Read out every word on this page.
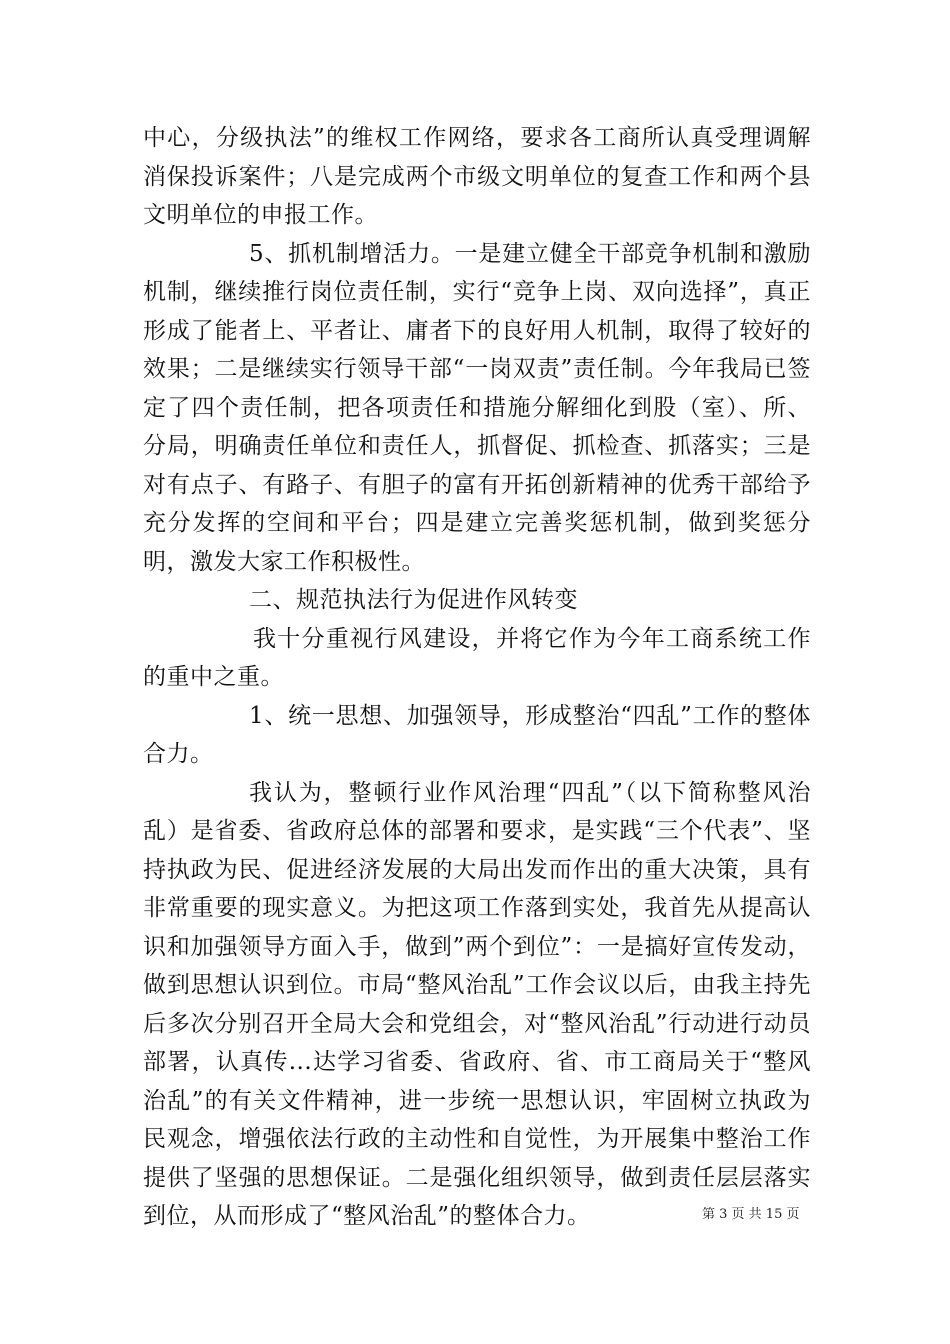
中心，分级执法”的维权工作网络，要求各工商所认真受理调解消保投诉案件；八是完成两个市级文明单位的复查工作和两个县文明单位的申报工作。

5、抓机制增活力。一是建立健全干部竞争机制和激励机制，继续推行岗位责任制，实行“竞争上岗、双向选择”，真正形成了能者上、平者让、庸者下的良好用人机制，取得了较好的效果；二是继续实行领导干部“一岗双责”责任制。今年我局已签定了四个责任制，把各项责任和措施分解细化到股（室）、所、分局，明确责任单位和责任人，抓督促、抓检查、抓落实；三是对有点子、有路子、有胆子的富有开拓创新精神的优秀干部给予充分发挥的空间和平台；四是建立完善奖惩机制，做到奖惩分明，激发大家工作积极性。

二、规范执法行为促进作风转变

我十分重视行风建设，并将它作为今年工商系统工作的重中之重。

1、统一思想、加强领导，形成整治“四乱”工作的整体合力。

我认为，整顿行业作风治理“四乱”（以下简称整风治乱）是省委、省政府总体的部署和要求，是实践“三个代表”、坚持执政为民、促进经济发展的大局出发而作出的重大决策，具有非常重要的现实意义。为把这项工作落到实处，我首先从提高认识和加强领导方面入手，做到”两个到位”：一是搞好宣传发动，做到思想认识到位。市局“整风治乱”工作会议以后，由我主持先后多次分别召开全局大会和党组会，对“整风治乱”行动进行动员部署，认真传...达学习省委、省政府、省、市工商局关于“整风治乱”的有关文件精神，进一步统一思想认识，牢固树立执政为民观念，增强依法行政的主动性和自觉性，为开展集中整治工作提供了坚强的思想保证。二是强化组织领导，做到责任层层落实到位，从而形成了“整风治乱”的整体合力。	第 3 页 共 15 页
